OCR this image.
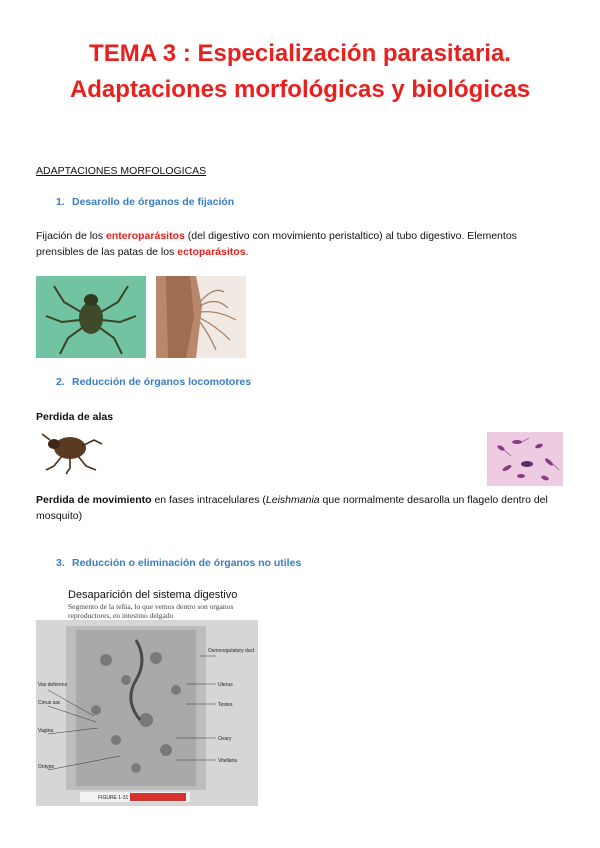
TEMA 3 : Especialización parasitaria.
Adaptaciones morfológicas y biológicas
ADAPTACIONES MORFOLOGICAS
1. Desarollo de órganos de fijación
Fijación de los enteroparásitos (del digestivo con movimiento peristaltico) al tubo digestivo. Elementos prensibles de las patas de los ectoparásitos.
2. Reducción de órganos locomotores
Perdida de alas
Perdida de movimiento en fases intracelulares (Leishmania que normalmente desarolla un flagelo dentro del mosquito)
3. Reducción o eliminación de órganos no utiles
Desaparición del sistema digestivo
Segmento de la teñia, lo que vemos dentro son organos reproductores, en intestino delgado
Vas deferens
Cirrus sac
Vagina
Ootype
Osmoregulatory duct
Uterus
Testes
Ovary
Vitellaria
FIGURE 1-31
